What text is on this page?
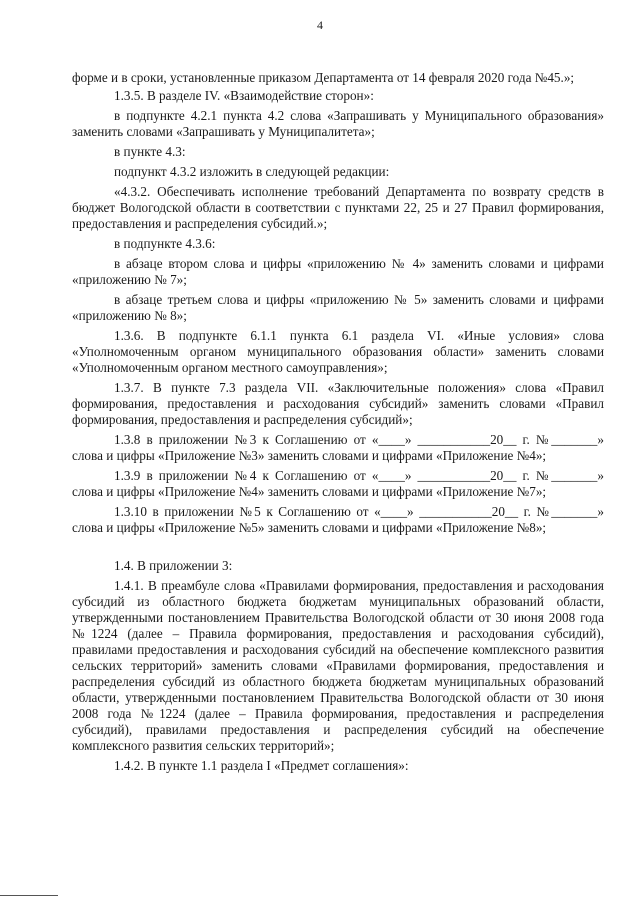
4

форме и в сроки, установленные приказом Департамента от 14 февраля 2020 года №45.»;

1.3.5. В разделе IV. «Взаимодействие сторон»:

в подпункте 4.2.1 пункта 4.2 слова «Запрашивать у Муниципального образования» заменить словами «Запрашивать у Муниципалитета»;

в пункте 4.3:

подпункт 4.3.2 изложить в следующей редакции:

«4.3.2. Обеспечивать исполнение требований Департамента по возврату средств в бюджет Вологодской области в соответствии с пунктами 22, 25 и 27 Правил формирования, предоставления и распределения субсидий.»;

в подпункте 4.3.6:

в абзаце втором слова и цифры «приложению № 4» заменить словами и цифрами «приложению № 7»;

в абзаце третьем слова и цифры «приложению № 5» заменить словами и цифрами «приложению № 8»;

1.3.6. В подпункте 6.1.1 пункта 6.1 раздела VI. «Иные условия» слова «Уполномоченным органом муниципального образования области» заменить словами «Уполномоченным органом местного самоуправления»;

1.3.7. В пункте 7.3 раздела VII. «Заключительные положения» слова «Правил формирования, предоставления и расходования субсидий» заменить словами «Правил формирования, предоставления и распределения субсидий»;

1.3.8 в приложении №3 к Соглашению от «____» ___________20__ г. №_______» слова и цифры «Приложение №3» заменить словами и цифрами «Приложение №4»;

1.3.9 в приложении №4 к Соглашению от «____» ___________20__ г. №_______» слова и цифры «Приложение №4» заменить словами и цифрами «Приложение №7»;

1.3.10 в приложении №5 к Соглашению от «____» ___________20__ г. №_______» слова и цифры «Приложение №5» заменить словами и цифрами «Приложение №8»;

1.4. В приложении 3:

1.4.1. В преамбуле слова «Правилами формирования, предоставления и расходования субсидий из областного бюджета бюджетам муниципальных образований области, утвержденными постановлением Правительства Вологодской области от 30 июня 2008 года №1224 (далее – Правила формирования, предоставления и расходования субсидий), правилами предоставления и расходования субсидий на обеспечение комплексного развития сельских территорий» заменить словами «Правилами формирования, предоставления и распределения субсидий из областного бюджета бюджетам муниципальных образований области, утвержденными постановлением Правительства Вологодской области от 30 июня 2008 года №1224 (далее – Правила формирования, предоставления и распределения субсидий), правилами предоставления и распределения субсидий на обеспечение комплексного развития сельских территорий»;

1.4.2. В пункте 1.1 раздела I «Предмет соглашения»:
